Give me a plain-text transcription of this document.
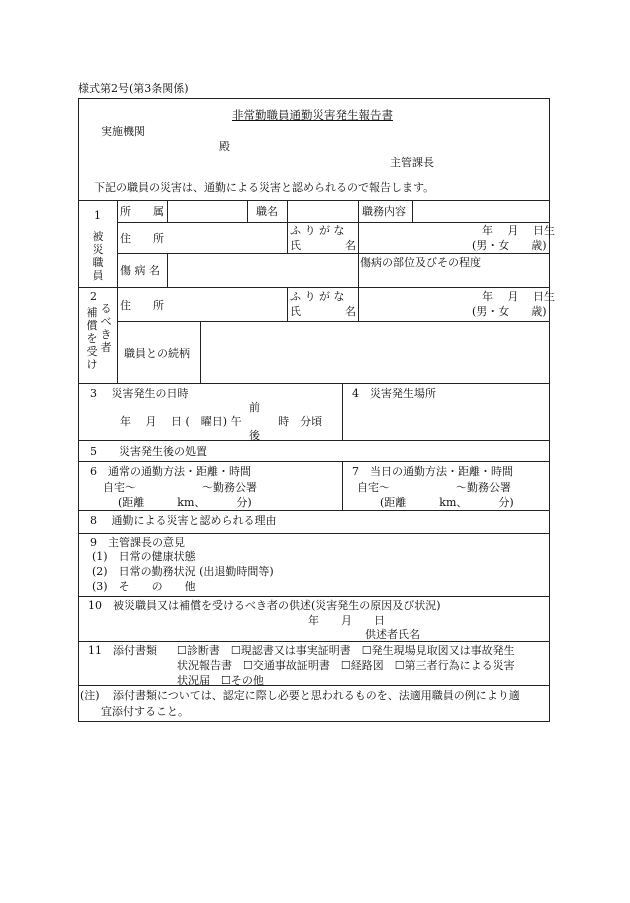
様式第2号(第3条関係)
非常勤職員通勤災害発生報告書
実施機関
殿
主管課長
下記の職員の災害は、通勤による災害と認められるので報告します。
1
被災職員
所　　属	職名	職務内容
住　　所
ふ り が な
氏　　　　名
年　 月　 日生
(男・女　　歳)
傷 病 名
傷病の部位及びその程度
2
補償を受け
るべき者
住　　所
ふ り が な
氏　　　　名
年　 月　 日生
(男・女　　歳)
職員との続柄
3　 災害発生の日時
前
年　 月　 日 (　曜日) 午　　　 時　分頃
後
4　災害発生場所
5　　災害発生後の処置
6　通常の通勤方法・距離・時間
自宅～　　　　　　～勤務公署
(距離　　　km、　　　 分)
7　当日の通勤方法・距離・時間
自宅～　　　　　　～勤務公署
(距離　　　km、　　　 分)
8　 通勤による災害と認められる理由
9　主管課長の意見
(1)　日常の健康状態
(2)　日常の勤務状況 (出退勤時間等)
(3)　そ　　の　　他
10　被災職員又は補償を受けるべき者の供述(災害発生の原因及び状況)
年　　月　　日
供述者氏名
11　添付書類 ☐診断書　☐現認書又は事実証明書　☐発生現場見取図又は事故発生
状況報告書　☐交通事故証明書　☐経路図　☐第三者行為による災害
状況届　☐その他
(注) 添付書類については、認定に際し必要と思われるものを、法適用職員の例により適
宜添付すること。
